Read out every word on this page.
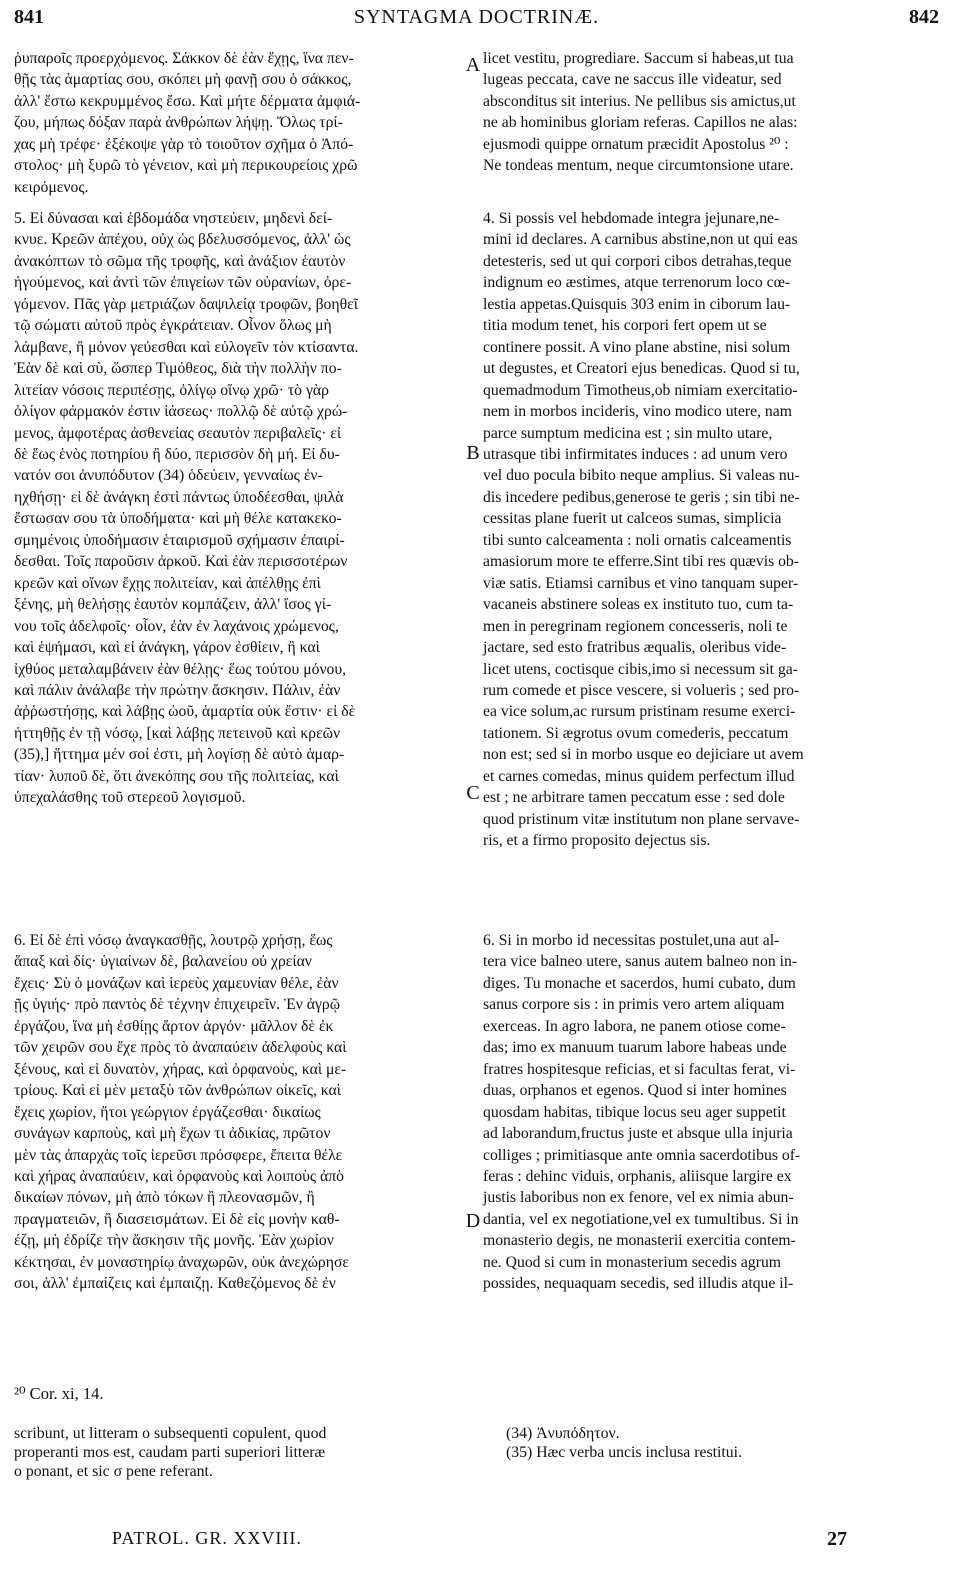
841	SYNTAGMA DOCTRINÆ.	842
ῥυπαροῖς προερχόμενος. Σάκκον δὲ ἐὰν ἔχῃς, ἵνα πεν-
θῇς τὰς ἁμαρτίας σου, σκόπει μὴ φανῇ σου ὁ σάκκος,
ἀλλ' ἔστω κεκρυμμένος ἔσω. Καὶ μήτε δέρματα ἀμφιά-
ζου, μήπως δόξαν παρὰ ἀνθρώπων λήψῃ. Ὅλως τρί-
χας μὴ τρέφε· ἐξέκοψε γὰρ τὸ τοιοῦτον σχῆμα ὁ Ἀπό-
στολος· μὴ ξυρῶ τὸ γένειον, καὶ μὴ περικουρείοις χρῶ
κειρόμενος.
5. Εἰ δύνασαι καὶ ἑβδομάδα νηστεύειν, μηδενὶ δεί-
κνυε. Κρεῶν ἀπέχου, οὐχ ὡς βδελυσσόμενος, ἀλλ' ὡς
ἀνακόπτων τὸ σῶμα τῆς τροφῆς, καὶ ἀνάξιον ἑαυτὸν
ἡγούμενος, καὶ ἀντὶ τῶν ἐπιγείων τῶν οὐρανίων, ὀρε-
γόμενον. Πᾶς γὰρ μετριάζων δαψιλείᾳ τροφῶν, βοηθεῖ
τῷ σώματι αὐτοῦ πρὸς ἐγκράτειαν. Οἶνον ὅλως μὴ
λάμβανε, ἢ μόνον γεύεσθαι καὶ εὐλογεῖν τὸν κτίσαντα.
Ἐὰν δὲ καὶ σὺ, ὥσπερ Τιμόθεος, διὰ τὴν πολλὴν πο-
λιτείαν νόσοις περιπέσῃς, ὀλίγῳ οἴνῳ χρῶ· τὸ γὰρ
ὀλίγον φάρμακόν ἐστιν ἰάσεως· πολλῷ δὲ αὐτῷ χρώ-
μενος, ἀμφοτέρας ἀσθενείας σεαυτὸν περιβαλεῖς· εἰ
δὲ ἕως ἑνὸς ποτηρίου ἢ δύο, περισσὸν δὴ μή. Εἰ δυ-
νατόν σοι ἀνυπόδυτον (34) ὁδεύειν, γενναίως ἐν-
ηχθήσῃ· εἰ δὲ ἀνάγκη ἐστὶ πάντως ὑποδέεσθαι, ψιλὰ
ἔστωσαν σου τὰ ὑποδήματα· καὶ μὴ θέλε κατακεκο-
σμημένοις ὑποδήμασιν ἑταιρισμοῦ σχήμασιν ἐπαιρί-
δεσθαι. Τοῖς παροῦσιν ἀρκοῦ. Καὶ ἐὰν περισσοτέρων
κρεῶν καὶ οἴνων ἔχῃς πολιτείαν, καὶ ἀπέλθῃς ἐπὶ
ξένης, μὴ θελήσῃς ἑαυτὸν κομπάζειν, ἀλλ' ἴσος γί-
νου τοῖς ἀδελφοῖς· οἷον, ἐὰν ἐν λαχάνοις χρώμενος,
καὶ ἑψήμασι, καὶ εἰ ἀνάγκη, γάρον ἐσθίειν, ἢ καὶ
ἰχθύος μεταλαμβάνειν ἐὰν θέλῃς· ἕως τούτου μόνου,
καὶ πάλιν ἀνάλαβε τὴν πρώτην ἄσκησιν. Πάλιν, ἐὰν
ἀῤῥωστήσῃς, καὶ λάβῃς ὠοῦ, ἁμαρτία οὐκ ἔστιν· εἰ δὲ
ἡττηθῇς ἐν τῇ νόσῳ, [καὶ λάβῃς πετεινοῦ καὶ κρεῶν
(35),] ἥττημα μέν σοί ἐστι, μὴ λογίσῃ δὲ αὐτὸ ἁμαρ-
τίαν· λυποῦ δὲ, ὅτι ἀνεκόπης σου τῆς πολιτείας, καὶ
ὑπεχαλάσθης τοῦ στερεοῦ λογισμοῦ.
6. Εἰ δὲ ἐπὶ νόσῳ ἀναγκασθῇς, λουτρῷ χρήσῃ, ἕως
ἅπαξ καὶ δίς· ὑγιαίνων δὲ, βαλανείου οὐ χρείαν
ἔχεις· Σὺ ὁ μονάζων καὶ ἱερεὺς χαμευνίαν θέλε, ἐὰν
ῇς ὑγιής· πρὸ παντὸς δὲ τέχνην ἐπιχειρεῖν. Ἐν ἀγρῷ
ἐργάζου, ἵνα μὴ ἐσθίῃς ἄρτον ἀργόν· μᾶλλον δὲ ἐκ
τῶν χειρῶν σου ἔχε πρὸς τὸ ἀναπαύειν ἀδελφοὺς καὶ
ξένους, καὶ εἰ δυνατὸν, χήρας, καὶ ὀρφανοὺς, καὶ με-
τρίους. Καὶ εἰ μὲν μεταξὺ τῶν ἀνθρώπων οἰκεῖς, καὶ
ἔχεις χωρίον, ἤτοι γεώργιον ἐργάζεσθαι· δικαίως
συνάγων καρποὺς, καὶ μὴ ἔχων τι ἀδικίας, πρῶτον
μὲν τὰς ἀπαρχὰς τοῖς ἱερεῦσι πρόσφερε, ἔπειτα θέλε
καὶ χήρας ἀναπαύειν, καὶ ὀρφανοὺς καὶ λοιποὺς ἀπὸ
δικαίων πόνων, μὴ ἀπὸ τόκων ἢ πλεονασμῶν, ἢ
πραγματειῶν, ἢ διασεισμάτων. Εἰ δὲ εἰς μονὴν καθ-
έζῃ, μὴ ἐδρίζε τὴν ἄσκησιν τῆς μονῆς. Ἐὰν χωρίον
κέκτησαι, ἐν μοναστηρίῳ ἀναχωρῶν, οὐκ ἀνεχώρησε
σοι, ἀλλ' ἐμπαίζεις καὶ ἐμπαιζῃ. Καθεζόμενος δὲ ἐν
licet vestitu, progrediare. Saccum si habeas,ut tua
lugeas peccata, cave ne saccus ille videatur, sed
absconditus sit interius. Ne pellibus sis amictus,ut
ne ab hominibus gloriam referas. Capillos ne alas:
ejusmodi quippe ornatum præcidit Apostolus ²⁰ :
Ne tondeas mentum, neque circumtonsione utare.
4. Si possis vel hebdomade integra jejunare,ne-
mini id declares. A carnibus abstine,non ut qui eas
detesteris, sed ut qui corpori cibos detrahas,teque
indignum eo æstimes, atque terrenorum loco cœ-
lestia appetas.Quisquis 303 enim in ciborum lau-
titia modum tenet, his corpori fert opem ut se
continere possit. A vino plane abstine, nisi solum
ut degustes, et Creatori ejus benedicas. Quod si tu,
quemadmodum Timotheus,ob nimiam exercitatio-
nem in morbos incideris, vino modico utere, nam
parce sumptum medicina est ; sin multo utare,
utrasque tibi infirmitates induces : ad unum vero
vel duo pocula bibito neque amplius. Si valeas nu-
dis incedere pedibus,generose te geris ; sin tibi ne-
cessitas plane fuerit ut calceos sumas, simplicia
tibi sunto calceamenta : noli ornatis calceamentis
amasiorum more te efferre.Sint tibi res quævis ob-
viæ satis. Etiamsi carnibus et vino tanquam super-
vacaneis abstinere soleas ex instituto tuo, cum ta-
men in peregrinam regionem concesseris, noli te
jactare, sed esto fratribus æqualis, oleribus vide-
licet utens, coctisque cibis,imo si necessum sit ga-
rum comede et pisce vescere, si volueris ; sed pro-
ea vice solum,ac rursum pristinam resume exerci-
tationem. Si ægrotus ovum comederis, peccatum
non est; sed si in morbo usque eo dejiciare ut avem
et carnes comedas, minus quidem perfectum illud
est ; ne arbitrare tamen peccatum esse : sed dole
quod pristinum vitæ institutum non plane servave-
ris, et a firmo proposito dejectus sis.
6. Si in morbo id necessitas postulet,una aut al-
tera vice balneo utere, sanus autem balneo non in-
diges. Tu monache et sacerdos, humi cubato, dum
sanus corpore sis : in primis vero artem aliquam
exerceas. In agro labora, ne panem otiose come-
das; imo ex manuum tuarum labore habeas unde
fratres hospitesque reficias, et si facultas ferat, vi-
duas, orphanos et egenos. Quod si inter homines
quosdam habitas, tibique locus seu ager suppetit
ad laborandum,fructus juste et absque ulla injuria
colliges ; primitiasque ante omnia sacerdotibus of-
feras : dehinc viduis, orphanis, aliisque largire ex
justis laboribus non ex fenore, vel ex nimia abun-
dantia, vel ex negotiatione,vel ex tumultibus. Si in
monasterio degis, ne monasterii exercitia contem-
ne. Quod si cum in monasterium secedis agrum
possides, nequaquam secedis, sed illudis atque il-
A
B
C
D
²⁰ Cor. xi, 14.
scribunt, ut litteram o subsequenti copulent, quod
properanti mos est, caudam parti superiori litteræ
o ponant, et sic σ pene referant.
(34) Ἀνυπόδητον.
(35) Hæc verba uncis inclusa restitui.
PATROL. GR. XXVIII.	27
